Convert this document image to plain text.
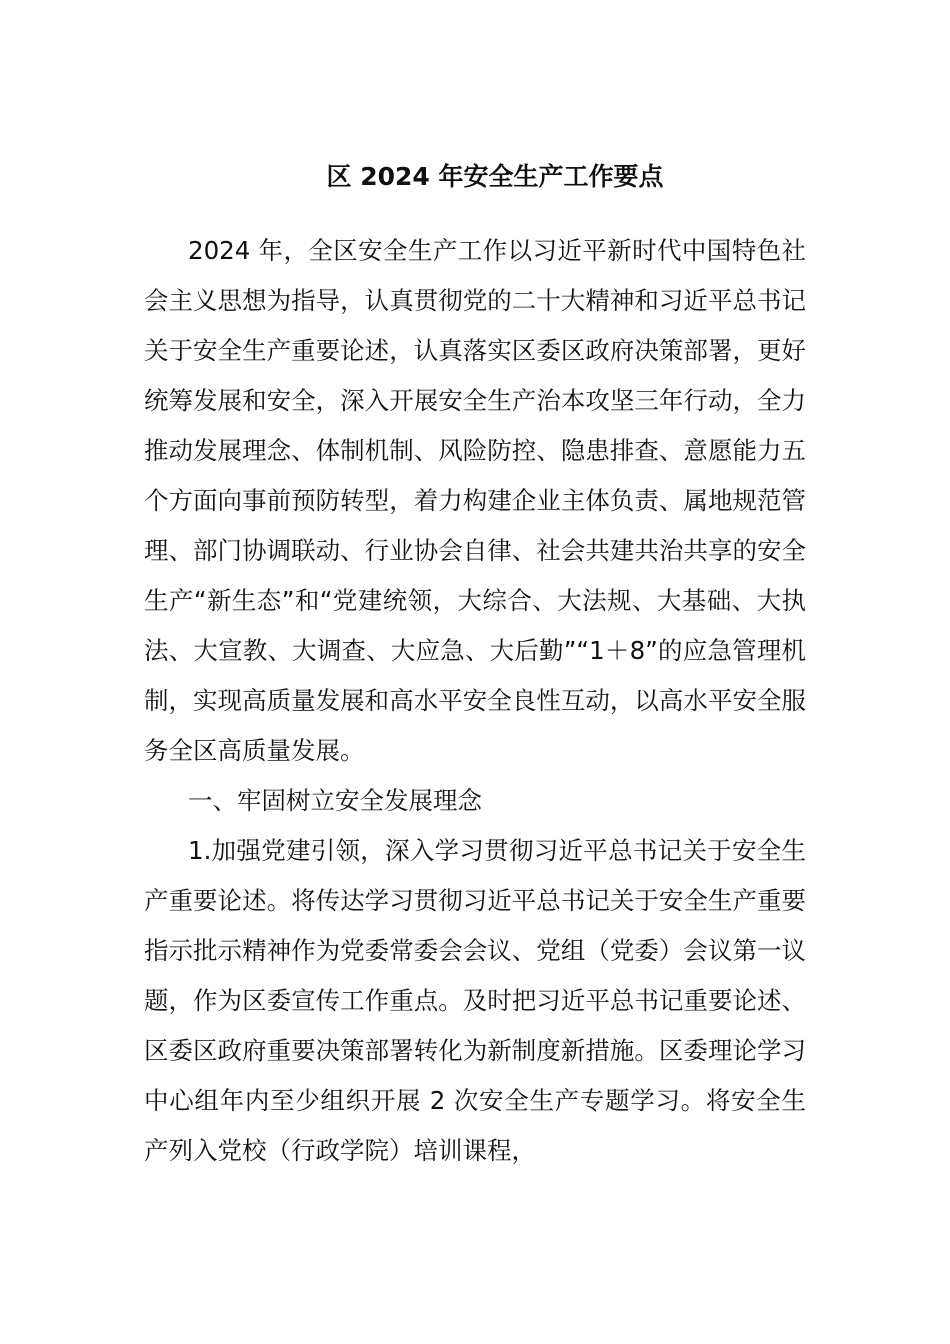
区 2024 年安全生产工作要点

2024 年，全区安全生产工作以习近平新时代中国特色社会主义思想为指导，认真贯彻党的二十大精神和习近平总书记关于安全生产重要论述，认真落实区委区政府决策部署，更好统筹发展和安全，深入开展安全生产治本攻坚三年行动，全力推动发展理念、体制机制、风险防控、隐患排查、意愿能力五个方面向事前预防转型，着力构建企业主体负责、属地规范管理、部门协调联动、行业协会自律、社会共建共治共享的安全生产“新生态”和“党建统领，大综合、大法规、大基础、大执法、大宣教、大调查、大应急、大后勤”“1＋8”的应急管理机制，实现高质量发展和高水平安全良性互动，以高水平安全服务全区高质量发展。

一、牢固树立安全发展理念

1.加强党建引领，深入学习贯彻习近平总书记关于安全生产重要论述。将传达学习贯彻习近平总书记关于安全生产重要指示批示精神作为党委常委会会议、党组（党委）会议第一议题，作为区委宣传工作重点。及时把习近平总书记重要论述、区委区政府重要决策部署转化为新制度新措施。区委理论学习中心组年内至少组织开展 2 次安全生产专题学习。将安全生产列入党校（行政学院）培训课程，
